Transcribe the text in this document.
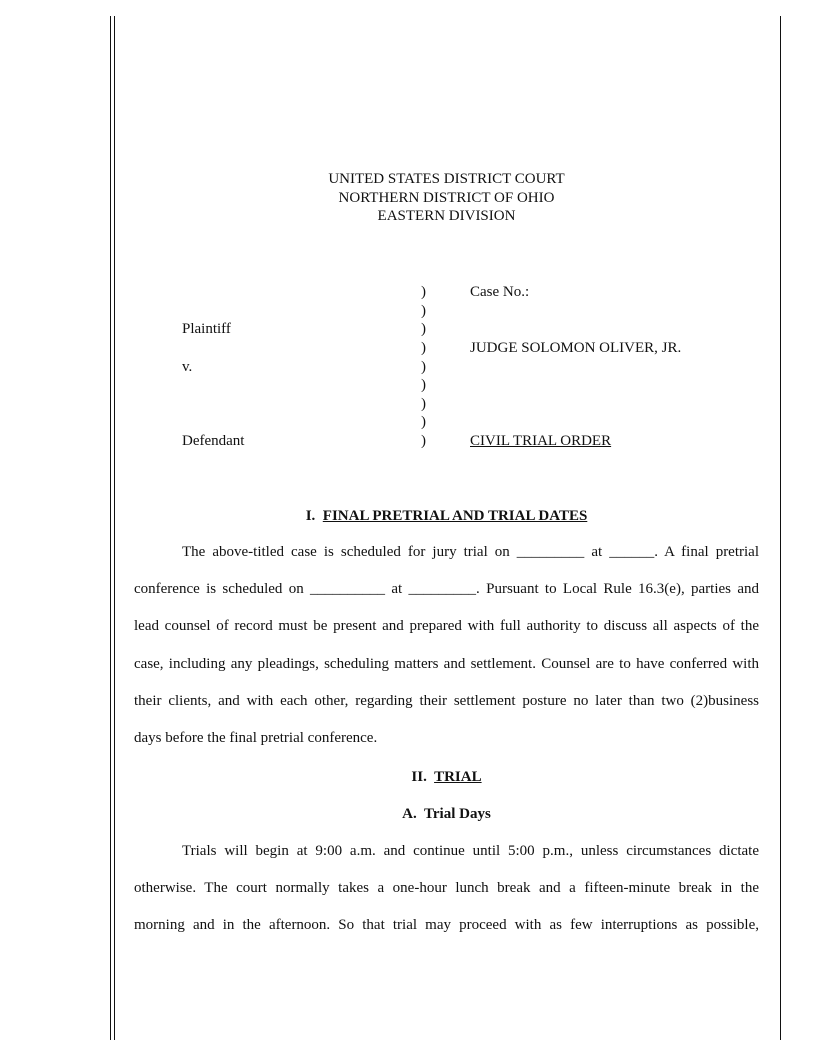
UNITED STATES DISTRICT COURT
NORTHERN DISTRICT OF OHIO
EASTERN DIVISION
)
)
)
)
)
)
)
)
)
Plaintiff
v.
Defendant
Case No.:
JUDGE SOLOMON OLIVER, JR.
CIVIL TRIAL ORDER
I. FINAL PRETRIAL AND TRIAL DATES
The above-titled case is scheduled for jury trial on _________ at ______. A final pretrial
conference is scheduled on __________ at _________. Pursuant to Local Rule 16.3(e), parties and
lead counsel of record must be present and prepared with full authority to discuss all aspects of the
case, including any pleadings, scheduling matters and settlement. Counsel are to have conferred with
their clients, and with each other, regarding their settlement posture no later than two (2)business
days before the final pretrial conference.
II. TRIAL
A. Trial Days
Trials will begin at 9:00 a.m. and continue until 5:00 p.m., unless circumstances dictate
otherwise. The court normally takes a one-hour lunch break and a fifteen-minute break in the
morning and in the afternoon. So that trial may proceed with as few interruptions as possible,
